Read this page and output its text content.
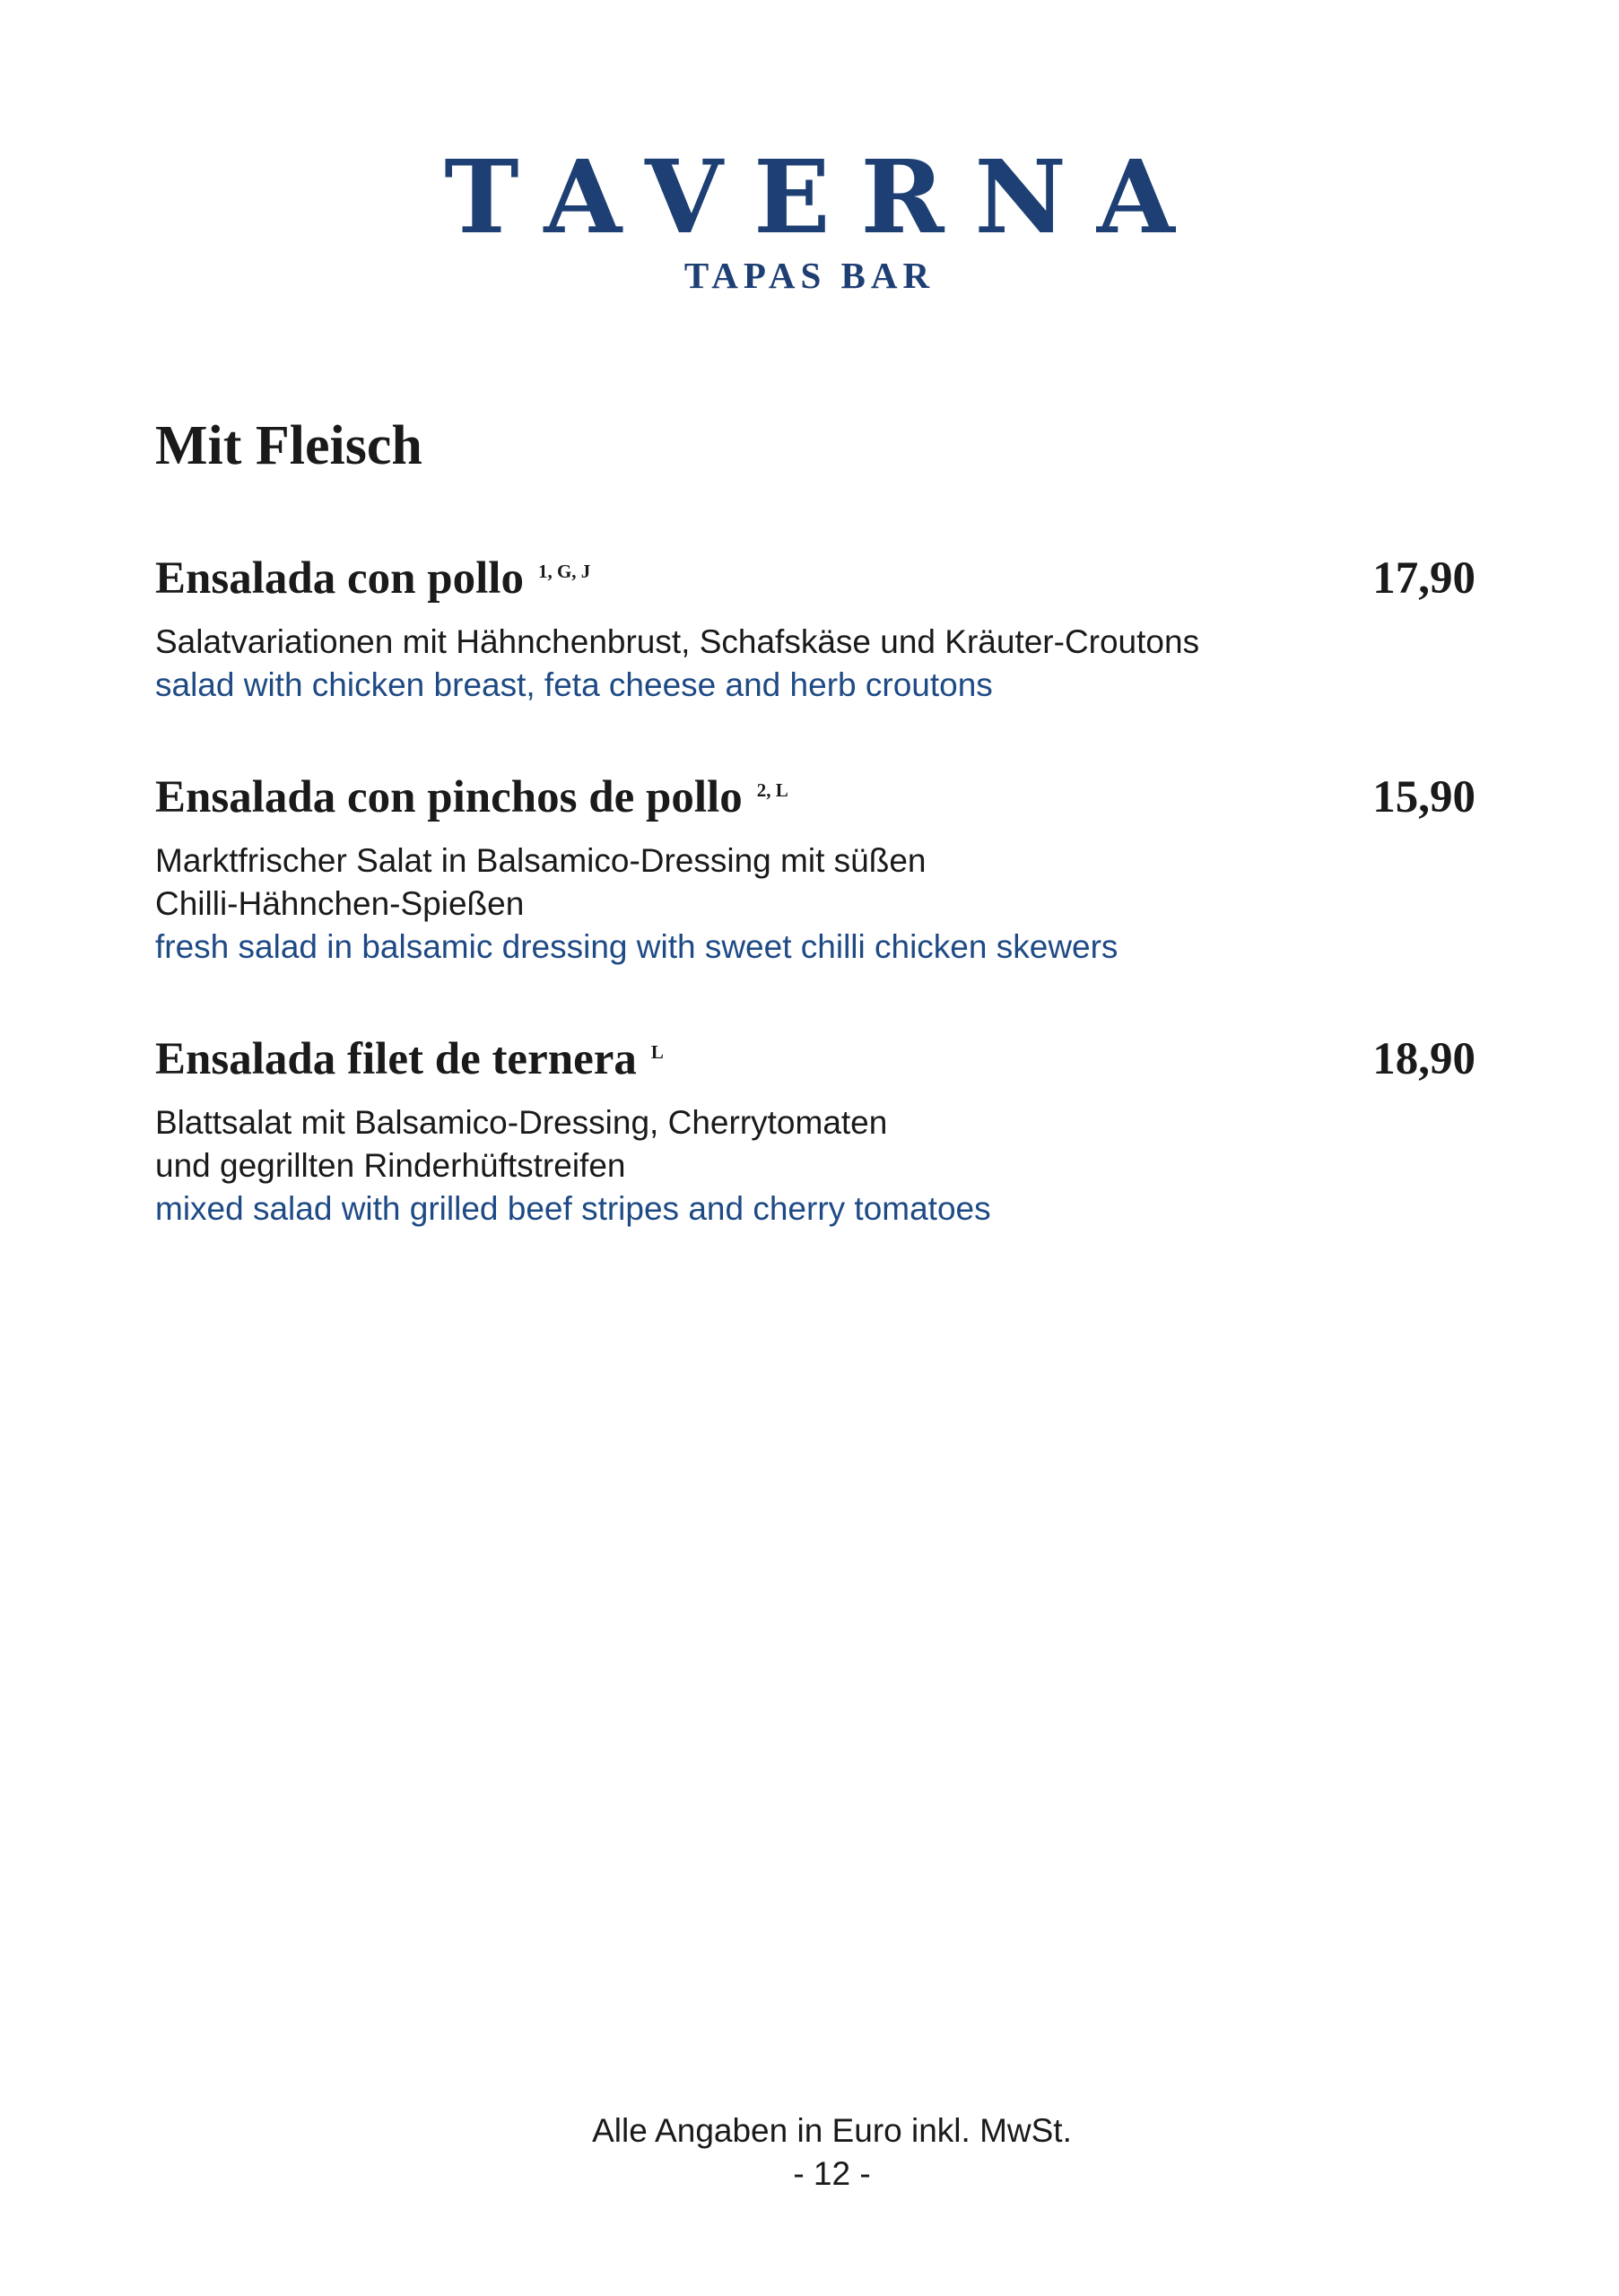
TAVERNA
TAPAS BAR
Mit Fleisch
Ensalada con pollo 1, G, J	17,90
Salatvariationen mit Hähnchenbrust, Schafskäse und Kräuter-Croutons
salad with chicken breast, feta cheese and herb croutons
Ensalada con pinchos de pollo 2, L	15,90
Marktfrischer Salat in Balsamico-Dressing mit süßen
Chilli-Hähnchen-Spießen
fresh salad in balsamic dressing with sweet chilli chicken skewers
Ensalada filet de ternera L	18,90
Blattsalat mit Balsamico-Dressing, Cherrytomaten
und gegrillten Rinderhüftstreifen
mixed salad with grilled beef stripes and cherry tomatoes
Alle Angaben in Euro inkl. MwSt.
- 12 -
